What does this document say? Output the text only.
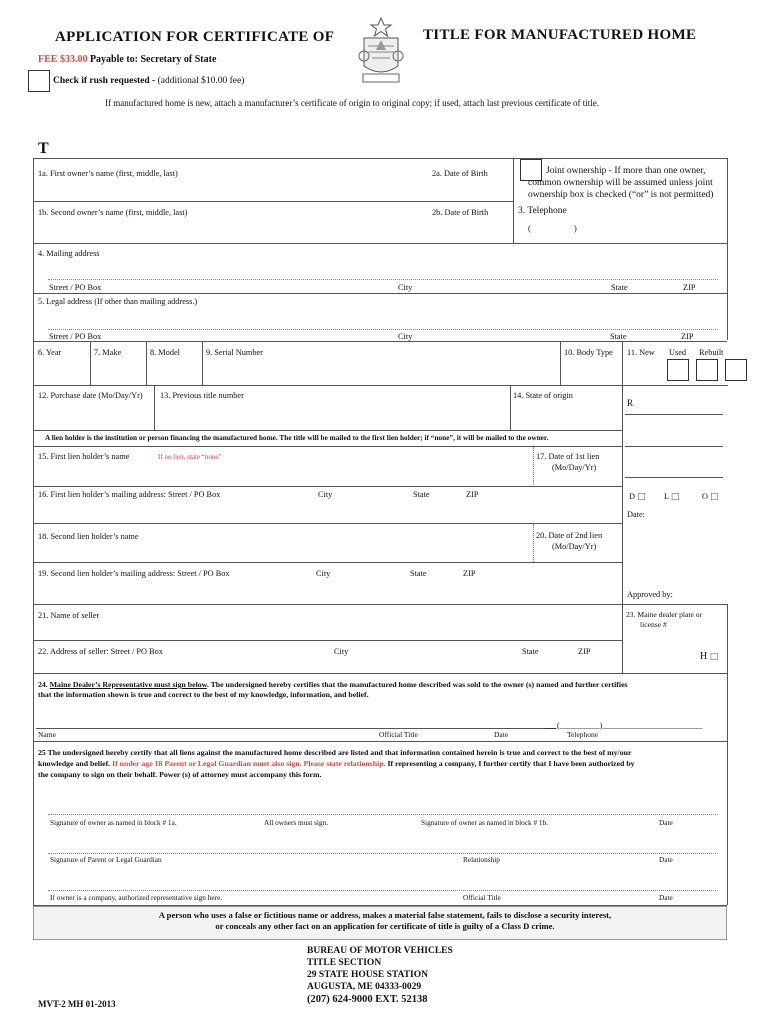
APPLICATION FOR CERTIFICATE OF	TITLE FOR MANUFACTURED HOME
FEE $33.00 Payable to: Secretary of State
Check if rush requested - (additional $10.00 fee)
If manufactured home is new, attach a manufacturer’s certificate of origin to original copy; if used, attach last previous certificate of title.
T
1a. First owner’s name (first, middle, last)	2a. Date of Birth
1b. Second owner’s name (first, middle, last)	2b. Date of Birth
Joint ownership - If more than one owner,
common ownership will be assumed unless joint
ownership box is checked (“or” is not permitted)
3. Telephone
(	)
4. Mailing address
Street / PO Box	City	State	ZIP
5. Legal address (If other than mailing address.)
Street / PO Box	City	State	ZIP
6. Year	7. Make	8. Model	9. Serial Number	10. Body Type 11. New Used Rebuilt
12. Purchase date (Mo/Day/Yr) 13. Previous title number	14. State of origin
R
A lien holder is the institution or person financing the manufactured home. The title will be mailed to the first lien holder; if “none”, it will be mailed to the owner.
15. First lien holder’s name	If no lien, state “none”	17. Date of 1st lien
(Mo/Day/Yr)
16. First lien holder’s mailing address: Street / PO Box	City	State	ZIP
18. Second lien holder’s name	20. Date of 2nd lien
(Mo/Day/Yr)
19. Second lien holder’s mailing address: Street / PO Box	City	State	ZIP
D □ L □	O □
Date:
Approved by:
21. Name of seller	23. Maine dealer plate or
license #
22. Address of seller: Street / PO Box	City	State	ZIP	H □
24. Maine Dealer’s Representative must sign below. The undersigned hereby certifies that the manufactured home described was sold to the owner (s) named and further certifies
that the information shown is true and correct to the best of my knowledge, information, and belief.
___(__________)_________________________
Name	Official Title	Date	Telephone
25 The undersigned hereby certify that all liens against the manufactured home described are listed and that information contained herein is true and correct to the best of my/our
knowledge and belief. If under age 18 Parent or Legal Guardian must also sign. Please state relationship. If representing a company, I further certify that I have been authorized by
the company to sign on their behalf. Power (s) of attorney must accompany this form.
Signature of owner as named in block # 1a.	All owners must sign.	Signature of owner as named in block # 1b.	Date
Signature of Parent or Legal Guardian	Relationship	Date
If owner is a company, authorized representative sign here.	Official Title	Date
A person who uses a false or fictitious name or address, makes a material false statement, fails to disclose a security interest,
or conceals any other fact on an application for certificate of title is guilty of a Class D crime.
BUREAU OF MOTOR VEHICLES
TITLE SECTION
29 STATE HOUSE STATION
AUGUSTA, ME 04333-0029
(207) 624-9000 EXT. 52138
MVT-2 MH 01-2013
